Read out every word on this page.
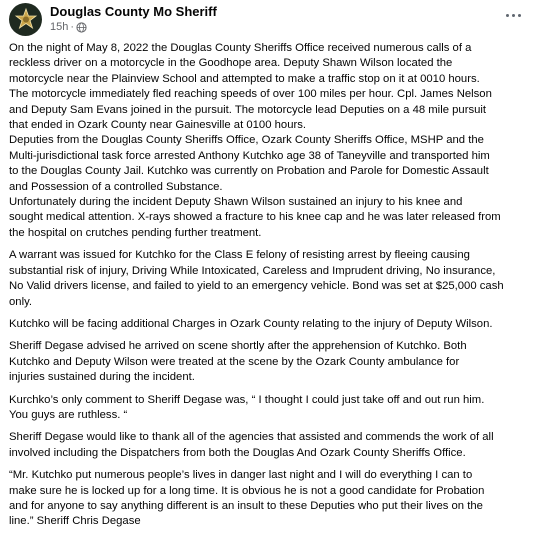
Douglas County Mo Sheriff
15h ·

On the night of May 8, 2022 the Douglas County Sheriffs Office received numerous calls of a
reckless driver on a motorcycle in the Goodhope area. Deputy Shawn Wilson located the
motorcycle near the Plainview School and attempted to make a traffic stop on it at 0010 hours.
The motorcycle immediately fled reaching speeds of over 100 miles per hour. Cpl. James Nelson
and Deputy Sam Evans joined in the pursuit. The motorcycle lead Deputies on a 48 mile pursuit
that ended in Ozark County near Gainesville at 0100 hours.
Deputies from the Douglas County Sheriffs Office, Ozark County Sheriffs Office, MSHP and the
Multi-jurisdictional task force arrested Anthony Kutchko age 38 of Taneyville and transported him
to the Douglas County Jail. Kutchko was currently on Probation and Parole for Domestic Assault
and Possession of a controlled Substance.
Unfortunately during the incident Deputy Shawn Wilson sustained an injury to his knee and
sought medical attention. X-rays showed a fracture to his knee cap and he was later released from
the hospital on crutches pending further treatment.

A warrant was issued for Kutchko for the Class E felony of resisting arrest by fleeing causing
substantial risk of injury, Driving While Intoxicated, Careless and Imprudent driving, No insurance,
No Valid drivers license, and failed to yield to an emergency vehicle. Bond was set at $25,000 cash
only.

Kutchko will be facing additional Charges in Ozark County relating to the injury of Deputy Wilson.

Sheriff Degase advised he arrived on scene shortly after the apprehension of Kutchko. Both
Kutchko and Deputy Wilson were treated at the scene by the Ozark County ambulance for
injuries sustained during the incident.

Kurchko’s only comment to Sheriff Degase was, “ I thought I could just take off and out run him.
You guys are ruthless. “

Sheriff Degase would like to thank all of the agencies that assisted and commends the work of all
involved including the Dispatchers from both the Douglas And Ozark County Sheriffs Office.

“Mr. Kutchko put numerous people’s lives in danger last night and I will do everything I can to
make sure he is locked up for a long time. It is obvious he is not a good candidate for Probation
and for anyone to say anything different is an insult to these Deputies who put their lives on the
line.” Sheriff Chris Degase
